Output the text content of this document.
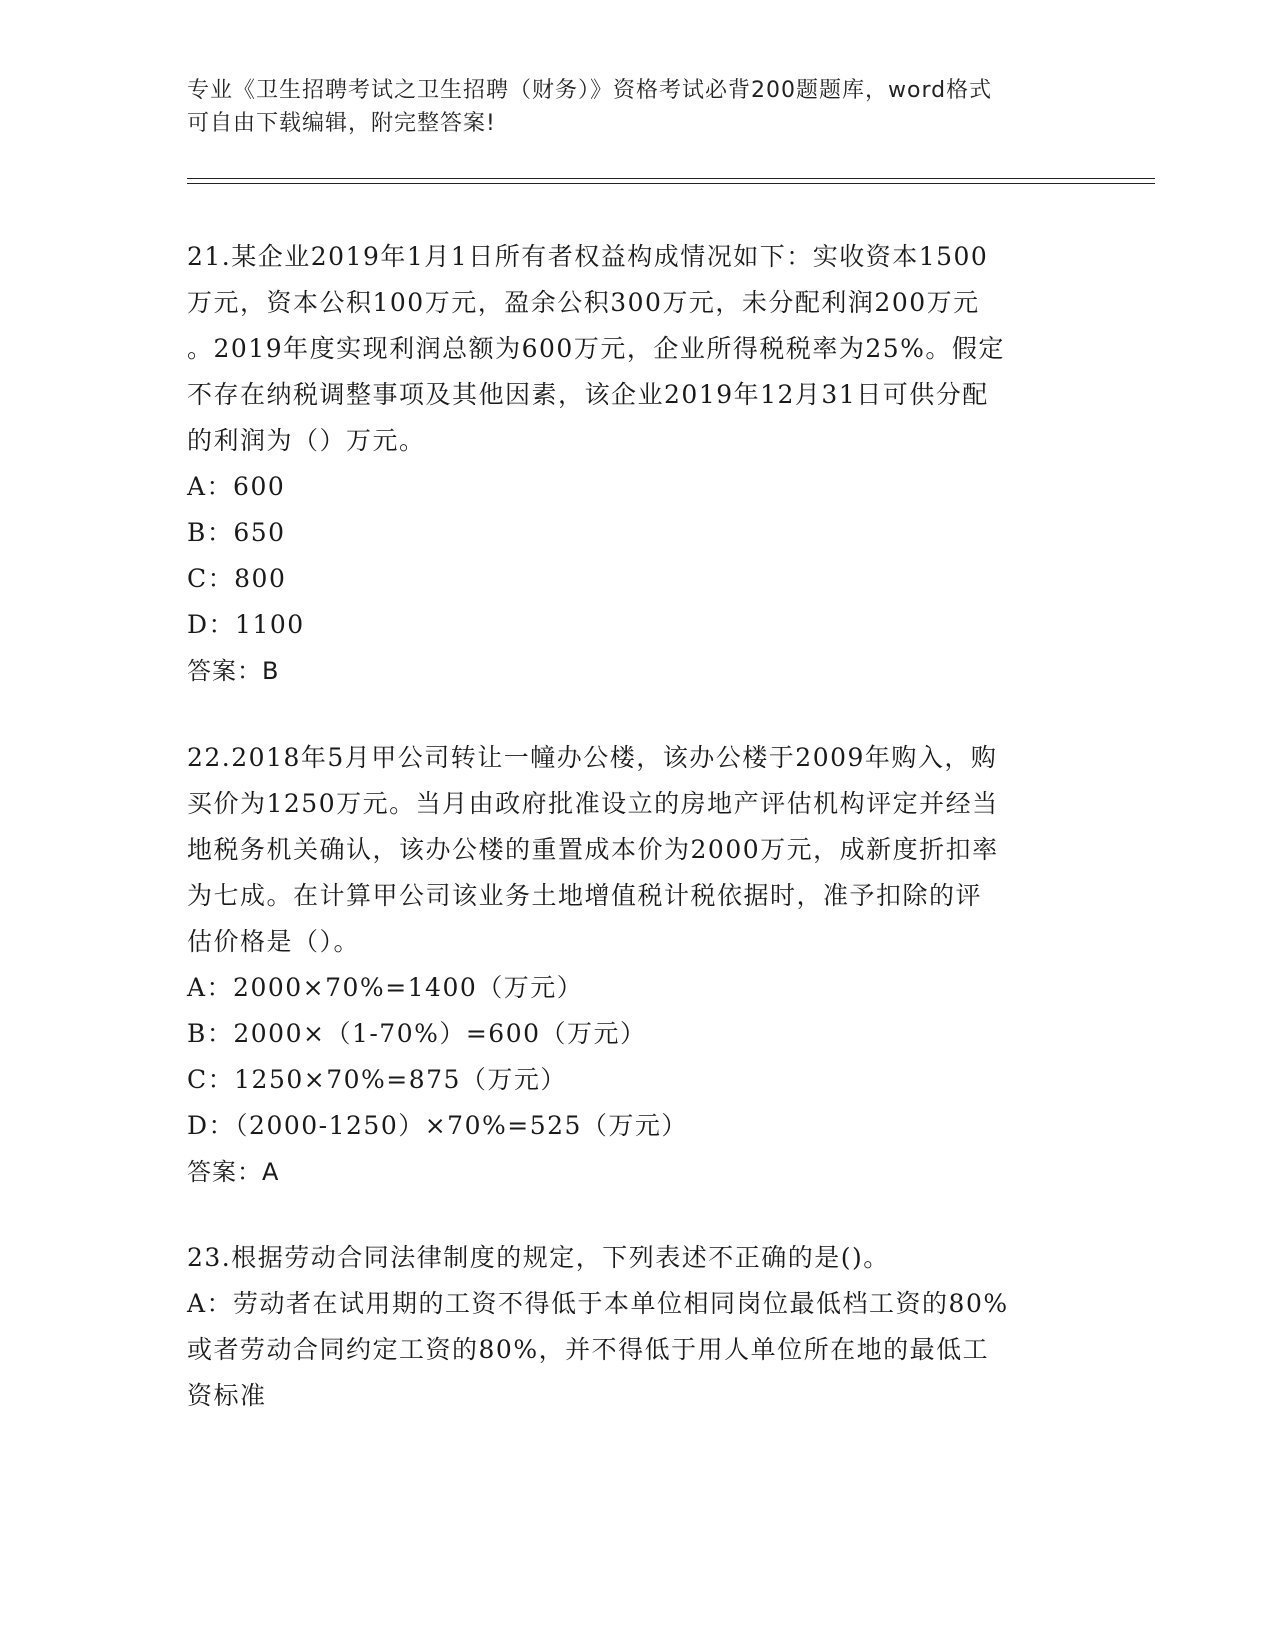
专业《卫生招聘考试之卫生招聘（财务）》资格考试必背200题题库，word格式
可自由下载编辑，附完整答案!

21.某企业2019年1月1日所有者权益构成情况如下：实收资本1500

万元，资本公积100万元，盈余公积300万元，未分配利润200万元

。2019年度实现利润总额为600万元，企业所得税税率为25%。假定

不存在纳税调整事项及其他因素，该企业2019年12月31日可供分配

的利润为（）万元。

A：600

B：650

C：800

D：1100

答案：B

22.2018年5月甲公司转让一幢办公楼，该办公楼于2009年购入，购

买价为1250万元。当月由政府批准设立的房地产评估机构评定并经当

地税务机关确认，该办公楼的重置成本价为2000万元，成新度折扣率

为七成。在计算甲公司该业务土地增值税计税依据时，准予扣除的评

估价格是（）。

A：2000×70%=1400（万元）

B：2000×（1-70%）=600（万元）

C：1250×70%=875（万元）

D：（2000-1250）×70%=525（万元）

答案：A

23.根据劳动合同法律制度的规定，下列表述不正确的是()。

A：劳动者在试用期的工资不得低于本单位相同岗位最低档工资的80%

或者劳动合同约定工资的80%，并不得低于用人单位所在地的最低工

资标准
